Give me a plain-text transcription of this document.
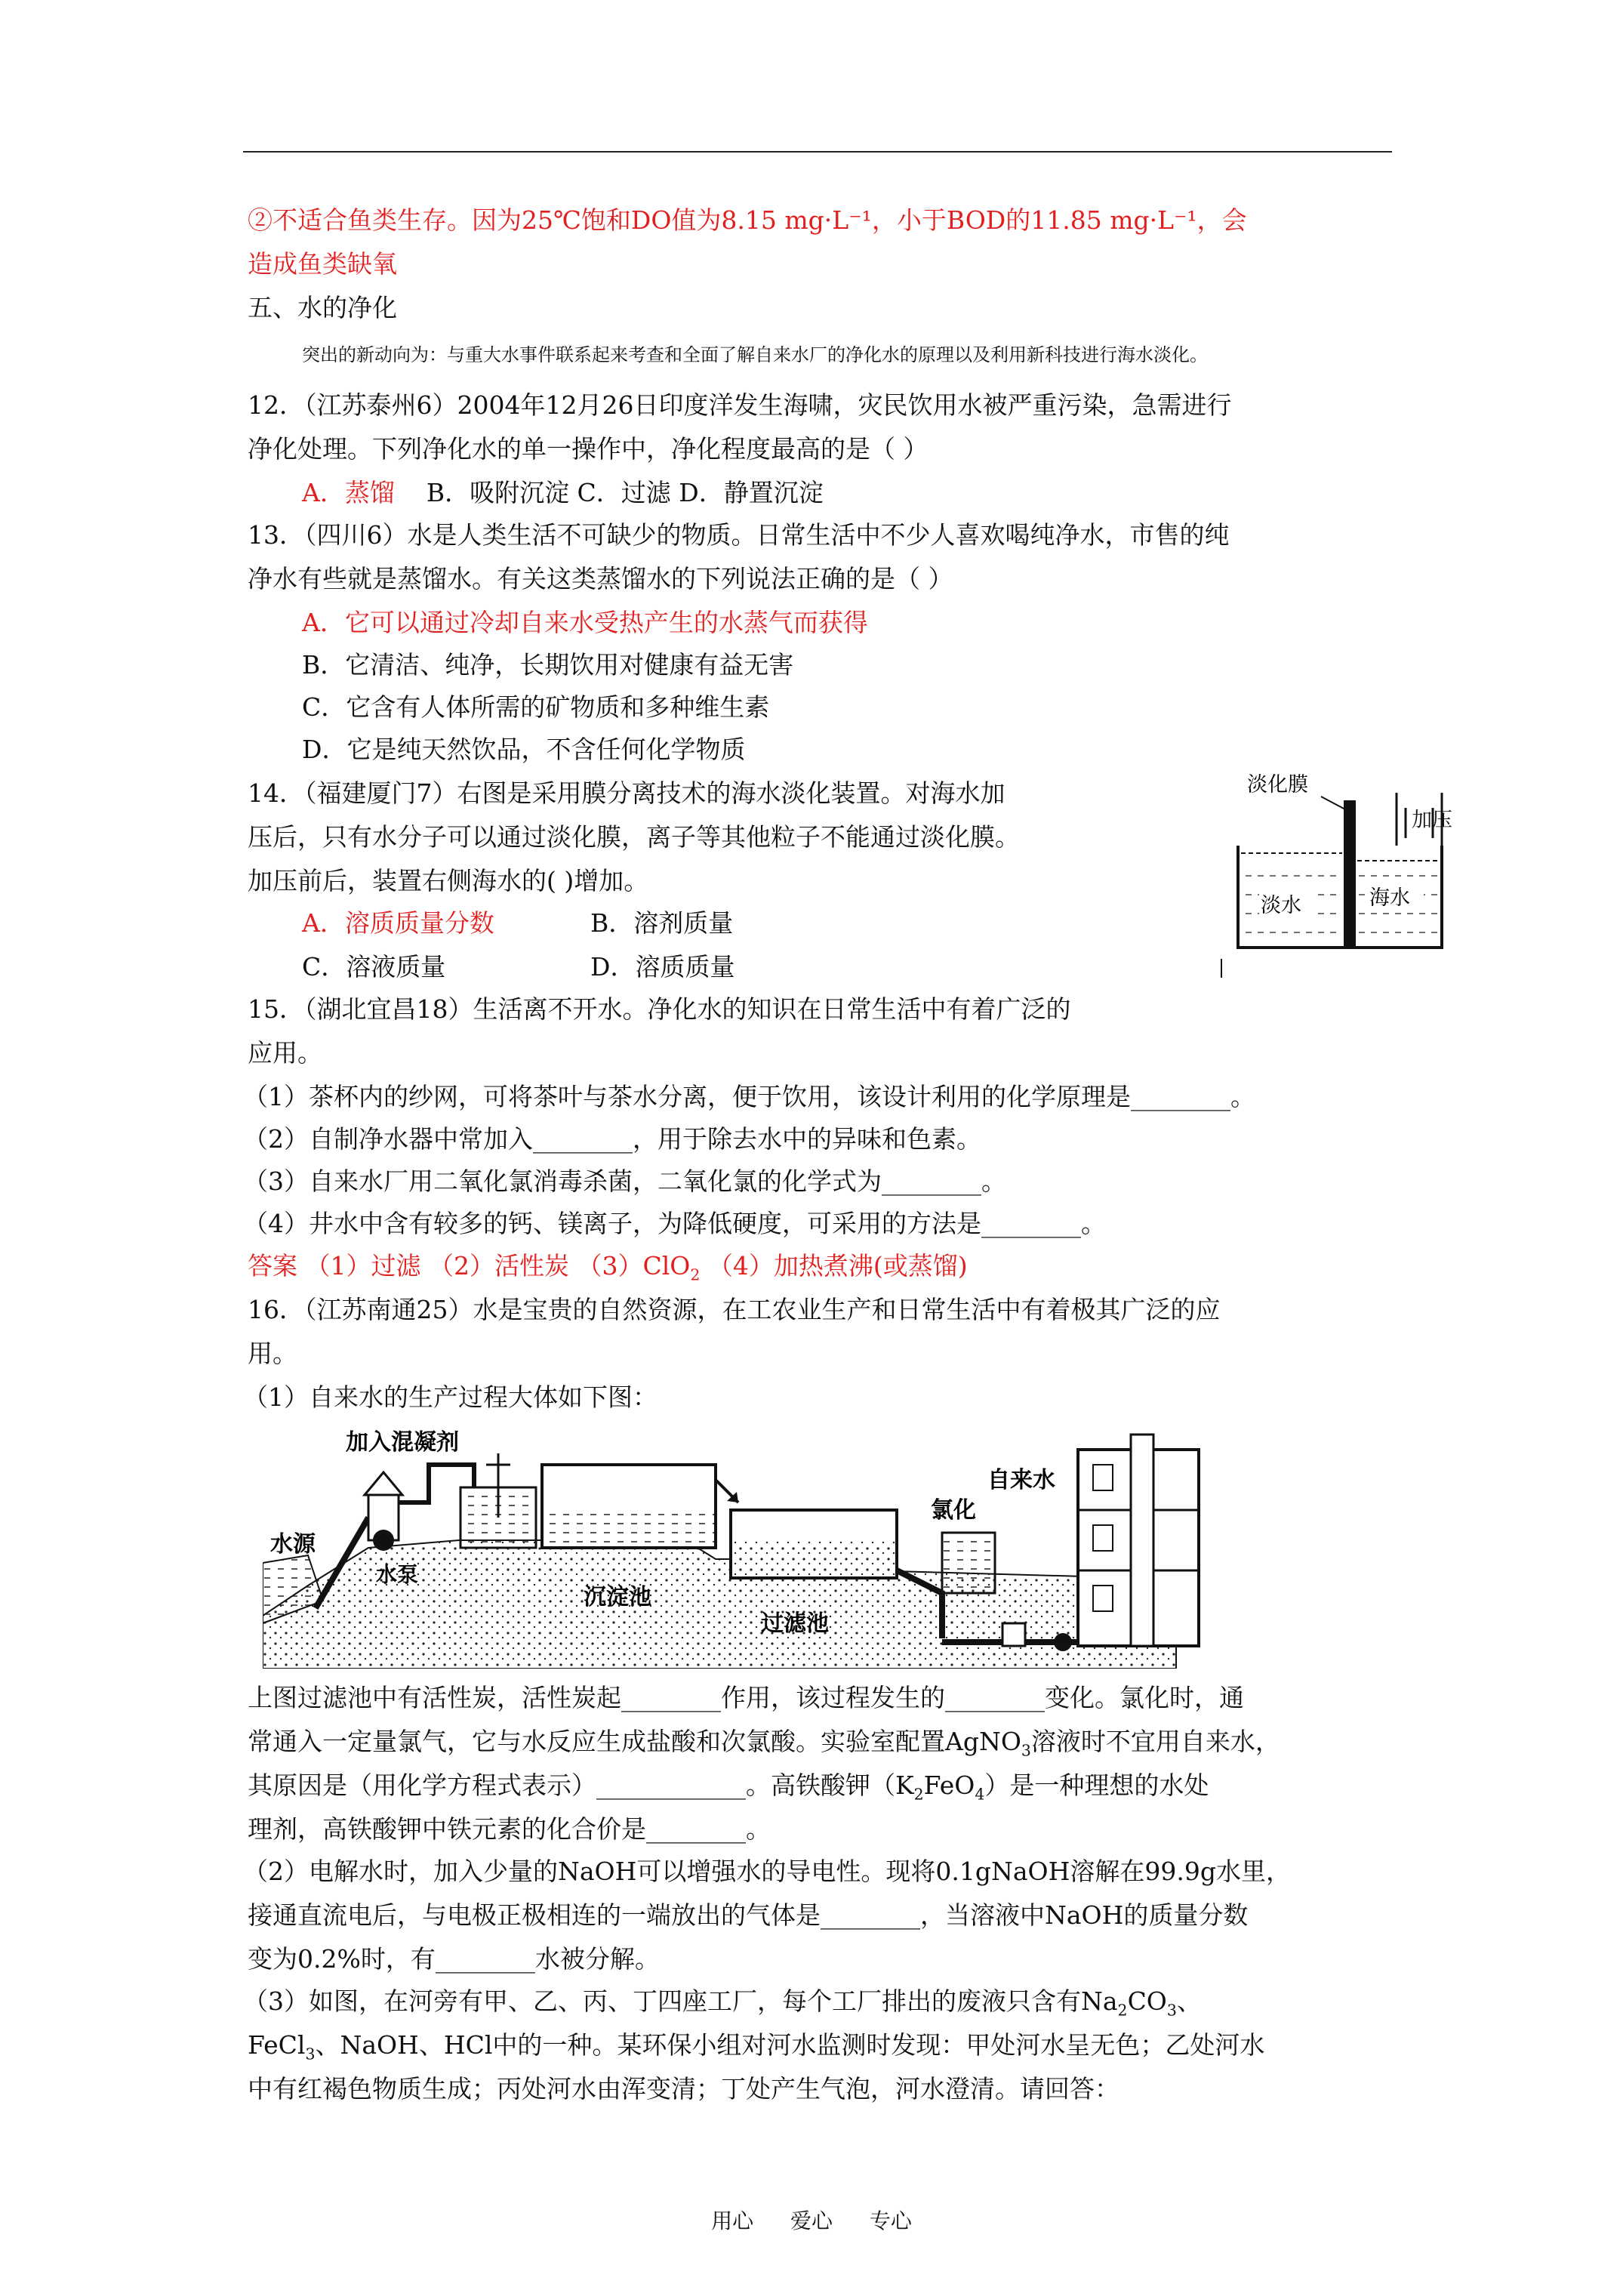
②不适合鱼类生存。因为25℃饱和DO值为8.15 mg·L⁻¹，小于BOD的11.85 mg·L⁻¹，会
造成鱼类缺氧
五、水的净化
突出的新动向为：与重大水事件联系起来考查和全面了解自来水厂的净化水的原理以及利用新科技进行海水淡化。
12．（江苏泰州6）2004年12月26日印度洋发生海啸，灾民饮用水被严重污染，急需进行
净化处理。下列净化水的单一操作中，净化程度最高的是（ ）
A．蒸馏 B．吸附沉淀 C．过滤 D．静置沉淀
13．（四川6）水是人类生活不可缺少的物质。日常生活中不少人喜欢喝纯净水，市售的纯
净水有些就是蒸馏水。有关这类蒸馏水的下列说法正确的是（ ）
A．它可以通过冷却自来水受热产生的水蒸气而获得
B．它清洁、纯净，长期饮用对健康有益无害
C．它含有人体所需的矿物质和多种维生素
D．它是纯天然饮品，不含任何化学物质
14．（福建厦门7）右图是采用膜分离技术的海水淡化装置。对海水加
压后，只有水分子可以通过淡化膜，离子等其他粒子不能通过淡化膜。
加压前后，装置右侧海水的( )增加。
A．溶质质量分数	B．溶剂质量
C．溶液质量	D．溶质质量
淡化膜
加压
淡水	海水
15．（湖北宜昌18）生活离不开水。净化水的知识在日常生活中有着广泛的
应用。
（1）茶杯内的纱网，可将茶叶与茶水分离，便于饮用，该设计利用的化学原理是________。
（2）自制净水器中常加入________，用于除去水中的异味和色素。
（3）自来水厂用二氧化氯消毒杀菌，二氧化氯的化学式为________。
（4）井水中含有较多的钙、镁离子，为降低硬度，可采用的方法是________。
答案 （1）过滤 （2）活性炭 （3）ClO$_2$ （4）加热煮沸(或蒸馏)
16．（江苏南通25）水是宝贵的自然资源，在工农业生产和日常生活中有着极其广泛的应
用。
（1）自来水的生产过程大体如下图：
水源
水泵
加入混凝剂
沉淀池
过滤池
氯化
自来水
上图过滤池中有活性炭，活性炭起________作用，该过程发生的________变化。氯化时，通
常通入一定量氯气，它与水反应生成盐酸和次氯酸。实验室配置AgNO$_3$溶液时不宜用自来水，
其原因是（用化学方程式表示）____________。高铁酸钾$(K_2FeO_4)$是一种理想的水处
理剂，高铁酸钾中铁元素的化合价是________。
（2）电解水时，加入少量的NaOH可以增强水的导电性。现将0.1gNaOH溶解在99.9g水里，
接通直流电后，与电极正极相连的一端放出的气体是________，当溶液中NaOH的质量分数
变为0.2%时，有________水被分解。
（3）如图，在河旁有甲、乙、丙、丁四座工厂，每个工厂排出的废液只含有$Na_2CO_3$、
FeCl$_3$、NaOH、HCl中的一种。某环保小组对河水监测时发现：甲处河水呈无色；乙处河水
中有红褐色物质生成；丙处河水由浑变清；丁处产生气泡，河水澄清。请回答：
用心 爱心 专心
